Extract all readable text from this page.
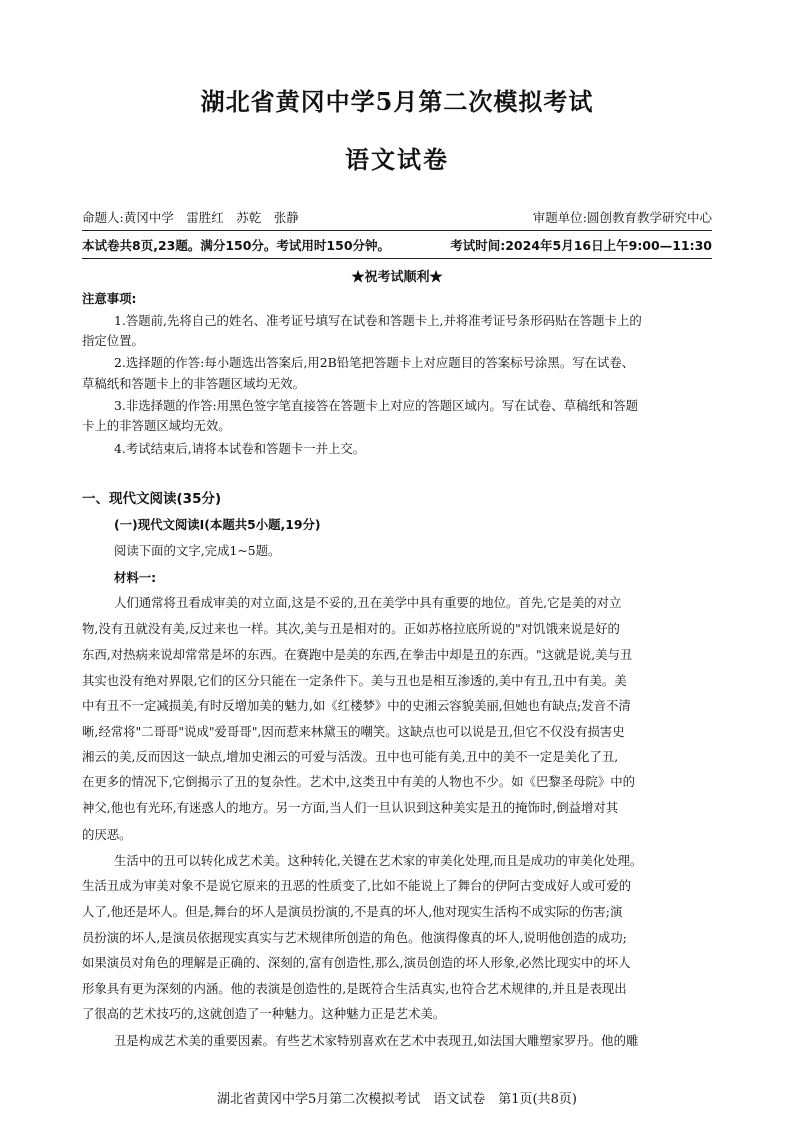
湖北省黄冈中学5月第二次模拟考试
语文试卷
命题人:黄冈中学　雷胜红　苏乾　张静	审题单位:圆创教育教学研究中心
本试卷共8页,23题。满分150分。考试用时150分钟。	考试时间:2024年5月16日上午9:00—11:30
★祝考试顺利★
注意事项:
1.答题前,先将自己的姓名、准考证号填写在试卷和答题卡上,并将准考证号条形码贴在答题卡上的
指定位置。
2.选择题的作答:每小题选出答案后,用2B铅笔把答题卡上对应题目的答案标号涂黑。写在试卷、
草稿纸和答题卡上的非答题区域均无效。
3.非选择题的作答:用黑色签字笔直接答在答题卡上对应的答题区域内。写在试卷、草稿纸和答题
卡上的非答题区域均无效。
4.考试结束后,请将本试卷和答题卡一并上交。
一、现代文阅读(35分)
(一)现代文阅读Ⅰ(本题共5小题,19分)
阅读下面的文字,完成1~5题。
材料一:
人们通常将丑看成审美的对立面,这是不妥的,丑在美学中具有重要的地位。首先,它是美的对立
物,没有丑就没有美,反过来也一样。其次,美与丑是相对的。正如苏格拉底所说的"对饥饿来说是好的
东西,对热病来说却常常是坏的东西。在赛跑中是美的东西,在拳击中却是丑的东西。"这就是说,美与丑
其实也没有绝对界限,它们的区分只能在一定条件下。美与丑也是相互渗透的,美中有丑,丑中有美。美
中有丑不一定减损美,有时反增加美的魅力,如《红楼梦》中的史湘云容貌美丽,但她也有缺点;发音不清
晰,经常将"二哥哥"说成"爱哥哥",因而惹来林黛玉的嘲笑。这缺点也可以说是丑,但它不仅没有损害史
湘云的美,反而因这一缺点,增加史湘云的可爱与活泼。丑中也可能有美,丑中的美不一定是美化了丑,
在更多的情况下,它倒揭示了丑的复杂性。艺术中,这类丑中有美的人物也不少。如《巴黎圣母院》中的
神父,他也有光环,有迷惑人的地方。另一方面,当人们一旦认识到这种美实是丑的掩饰时,倒益增对其
的厌恶。
生活中的丑可以转化成艺术美。这种转化,关键在艺术家的审美化处理,而且是成功的审美化处理。
生活丑成为审美对象不是说它原来的丑恶的性质变了,比如不能说上了舞台的伊阿古变成好人或可爱的
人了,他还是坏人。但是,舞台的坏人是演员扮演的,不是真的坏人,他对现实生活构不成实际的伤害;演
员扮演的坏人,是演员依据现实真实与艺术规律所创造的角色。他演得像真的坏人,说明他创造的成功;
如果演员对角色的理解是正确的、深刻的,富有创造性,那么,演员创造的坏人形象,必然比现实中的坏人
形象具有更为深刻的内涵。他的表演是创造性的,是既符合生活真实,也符合艺术规律的,并且是表现出
了很高的艺术技巧的,这就创造了一种魅力。这种魅力正是艺术美。
丑是构成艺术美的重要因素。有些艺术家特别喜欢在艺术中表现丑,如法国大雕塑家罗丹。他的雕
湖北省黄冈中学5月第二次模拟考试　语文试卷　第1页(共8页)
